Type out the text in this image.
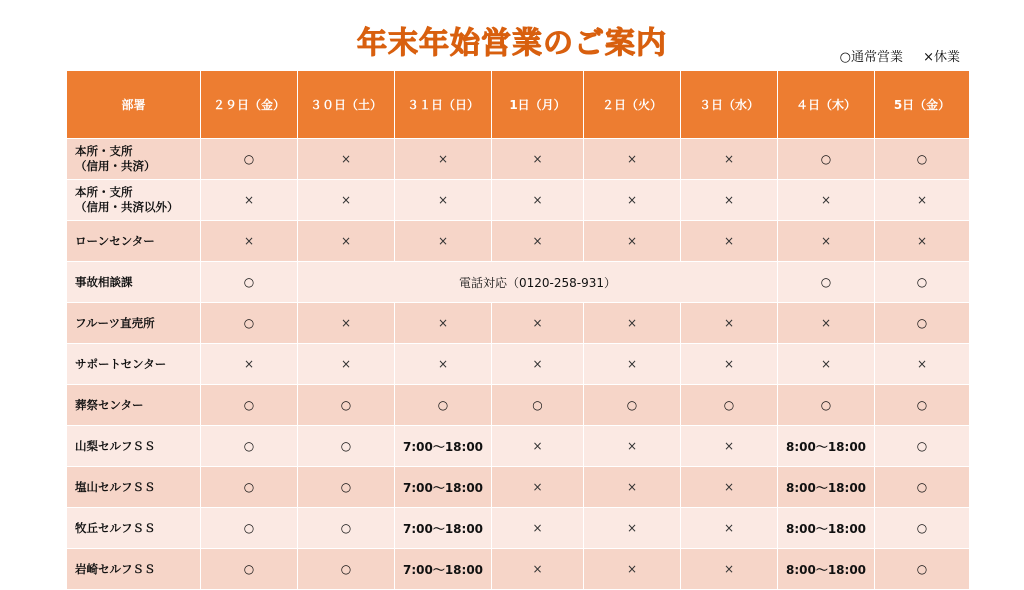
年末年始営業のご案内	○通常営業 ×休業
部署	２９日（金）	３０日（土）	３１日（日）	1日（月）	２日（火）	３日（水）	４日（木）	5日（金）

本所・支所
（信用・共済）	○	×	×	×	×	×	○	○

本所・支所
（信用・共済以外）	×	×	×	×	×	×	×	×

ローンセンター	×	×	×	×	×	×	×	×

事故相談課	○	電話対応（0120-258-931）					○	○

フルーツ直売所	○	×	×	×	×	×	×	○

サポートセンター	×	×	×	×	×	×	×	×

葬祭センター	○	○	○	○	○	○	○	○

山梨セルフＳＳ	○	○	7:00～18:00	×	×	×	8:00～18:00	○

塩山セルフＳＳ	○	○	7:00～18:00	×	×	×	8:00～18:00	○

牧丘セルフＳＳ	○	○	7:00～18:00	×	×	×	8:00～18:00	○

岩崎セルフＳＳ	○	○	7:00～18:00	×	×	×	8:00～18:00	○
